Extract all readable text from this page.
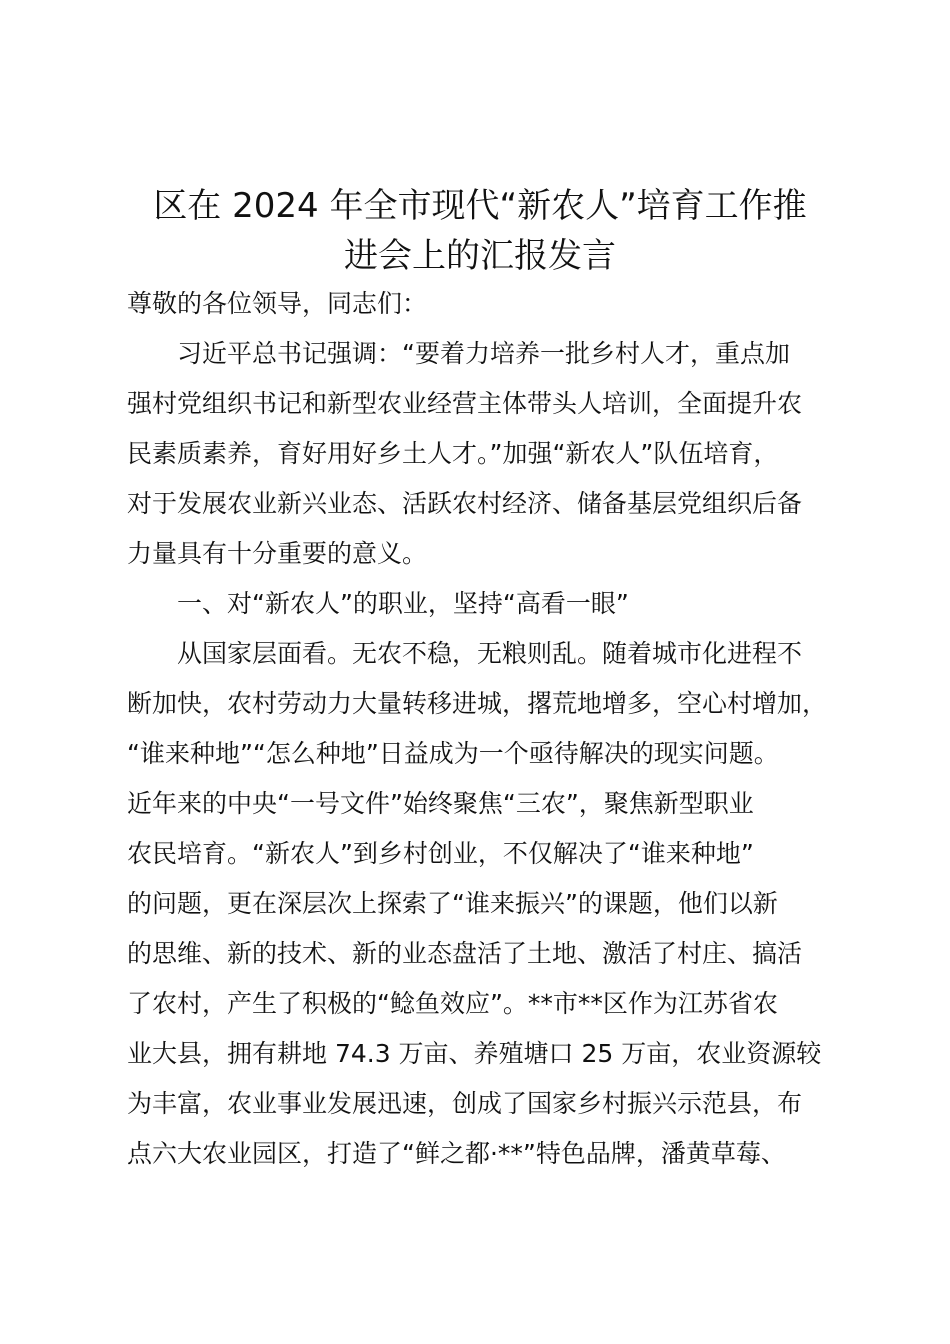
区在 2024 年全市现代“新农人”培育工作推
进会上的汇报发言
尊敬的各位领导，同志们：
　　习近平总书记强调：“要着力培养一批乡村人才，重点加
强村党组织书记和新型农业经营主体带头人培训，全面提升农
民素质素养，育好用好乡土人才。”加强“新农人”队伍培育，
对于发展农业新兴业态、活跃农村经济、储备基层党组织后备
力量具有十分重要的意义。
　　一、对“新农人”的职业，坚持“高看一眼”
　　从国家层面看。无农不稳，无粮则乱。随着城市化进程不
断加快，农村劳动力大量转移进城，撂荒地增多，空心村增加，
“谁来种地”“怎么种地”日益成为一个亟待解决的现实问题。
近年来的中央“一号文件”始终聚焦“三农”，聚焦新型职业
农民培育。“新农人”到乡村创业，不仅解决了“谁来种地”
的问题，更在深层次上探索了“谁来振兴”的课题，他们以新
的思维、新的技术、新的业态盘活了土地、激活了村庄、搞活
了农村，产生了积极的“鲶鱼效应”。**市**区作为江苏省农
业大县，拥有耕地 74.3 万亩、养殖塘口 25 万亩，农业资源较
为丰富，农业事业发展迅速，创成了国家乡村振兴示范县，布
点六大农业园区，打造了“鲜之都·**”特色品牌，潘黄草莓、
